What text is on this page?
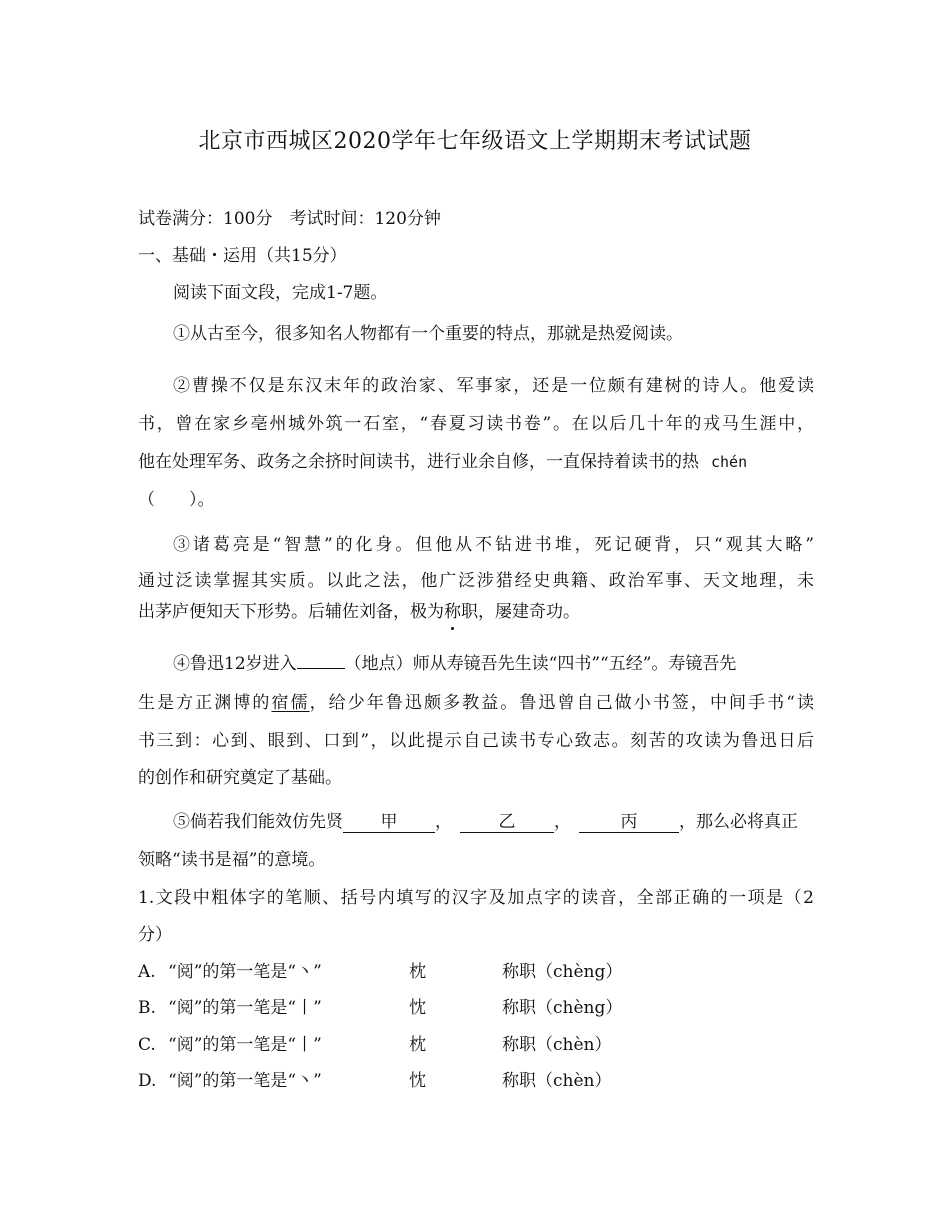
北京市西城区2020学年七年级语文上学期期末考试试题
试卷满分：100分　考试时间：120分钟
一、基础・运用（共15分）
阅读下面文段，完成1-7题。
①从古至今，很多知名人物都有一个重要的特点，那就是热爱阅读。
②曹操不仅是东汉末年的政治家、军事家，还是一位颇有建树的诗人。他爱读
书，曾在家乡亳州城外筑一石室，“春夏习读书卷”。在以后几十年的戎马生涯中，
他在处理军务、政务之余挤时间读书，进行业余自修，一直保持着读书的热 chén
（　　）。
③诸葛亮是“智慧”的化身。但他从不钻进书堆，死记硬背，只“观其大略”
通过泛读掌握其实质。以此之法，他广泛涉猎经史典籍、政治军事、天文地理，未
出茅庐便知天下形势。后辅佐刘备，极为称
职，屡建奇功。
④鲁迅12岁进入	（地点）师从寿镜吾先生读“四书”“五经”。寿镜吾先
生是方正渊博的宿儒，给少年鲁迅颇多教益。鲁迅曾自己做小书签，中间手书“读
书三到：心到、眼到、口到”，以此提示自己读书专心致志。刻苦的攻读为鲁迅日后
的创作和研究奠定了基础。
⑤倘若我们能效仿先贤 甲 ，	乙 ，	丙 ，那么必将真正
领略“读书是福”的意境。
1.文段中粗体字的笔顺、括号内填写的汉字及加点字的读音，全部正确的一项是（2
分）
A. “阅”的第一笔是“丶”	枕	称职（chèng）
B. “阅”的第一笔是“丨”	忱	称职（chèng）
C. “阅”的第一笔是“丨”	枕	称职（chèn）
D. “阅”的第一笔是“丶”	忱	称职（chèn）
